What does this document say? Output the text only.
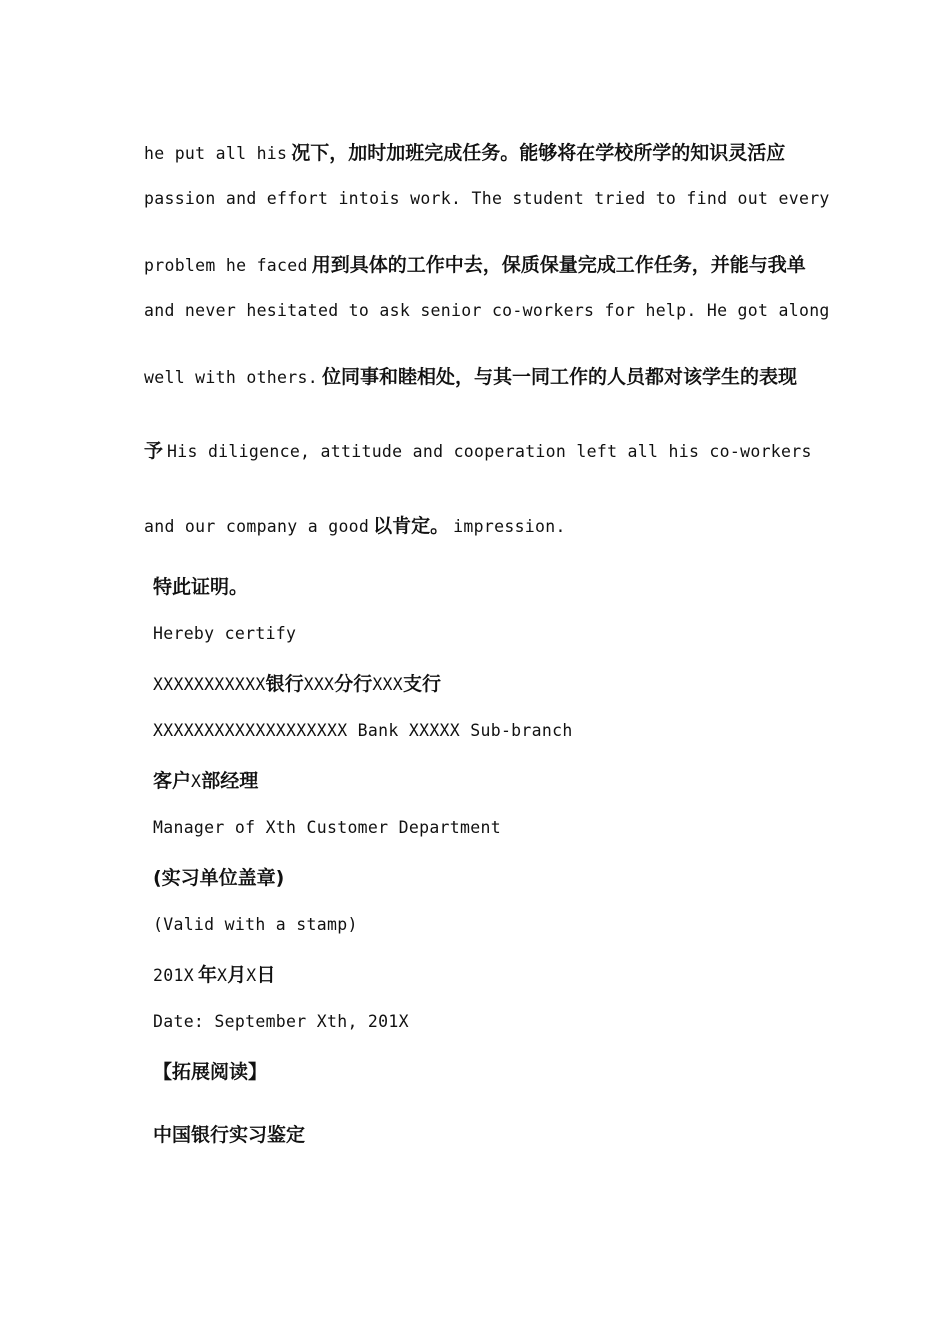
he put all his 况下，加时加班完成任务。能够将在学校所学的知识灵活应
passion and effort intois work. The student tried to find out every
problem he faced 用到具体的工作中去，保质保量完成工作任务，并能与我单
and never hesitated to ask senior co-workers for help. He got along
well with others. 位同事和睦相处，与其一同工作的人员都对该学生的表现
予 His diligence, attitude and cooperation left all his co-workers
and our company a good 以肯定。 impression.
特此证明。
Hereby certify
XXXXXXXXXXX银行XXX分行XXX支行
XXXXXXXXXXXXXXXXXXX Bank XXXXX Sub-branch
客户X部经理
Manager of Xth Customer Department
(实习单位盖章)
(Valid with a stamp)
201X 年X月X日
Date: September Xth, 201X
【拓展阅读】
中国银行实习鉴定
